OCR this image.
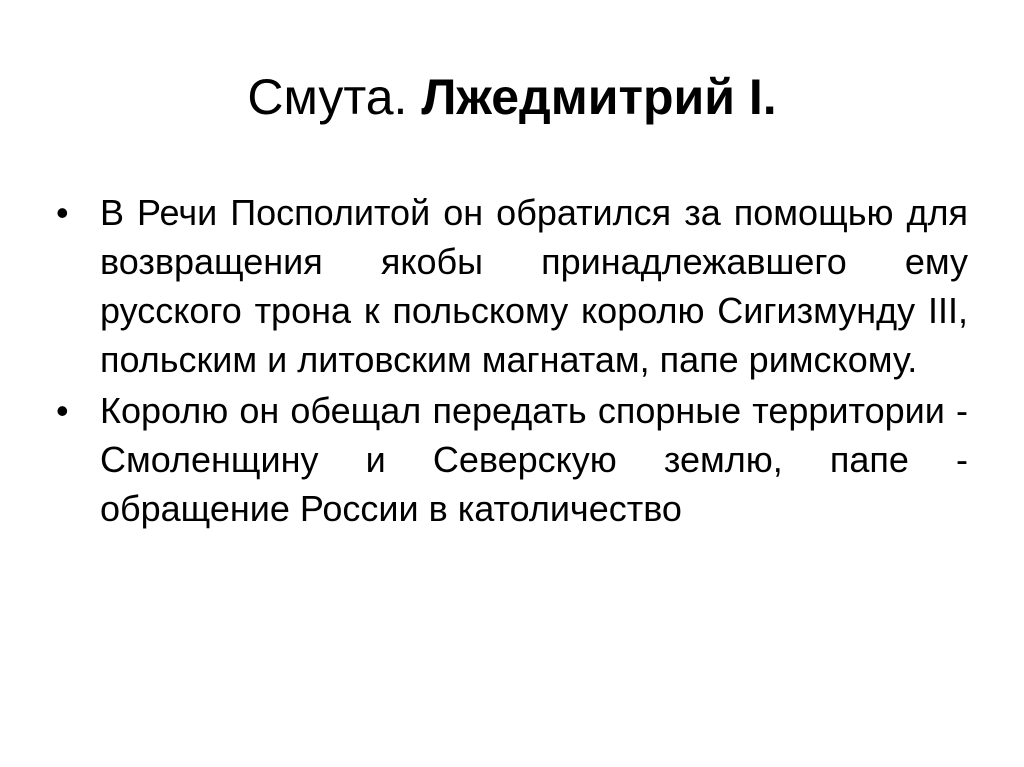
Смута. Лжедмитрий I.
• В Речи Посполитой он обратился за помощью для возвращения якобы принадлежавшего ему русского трона к польскому королю Сигизмунду III, польским и литовским магнатам, папе римскому.
• Королю он обещал передать спорные территории - Смоленщину и Северскую землю, папе - обращение России в католичество
